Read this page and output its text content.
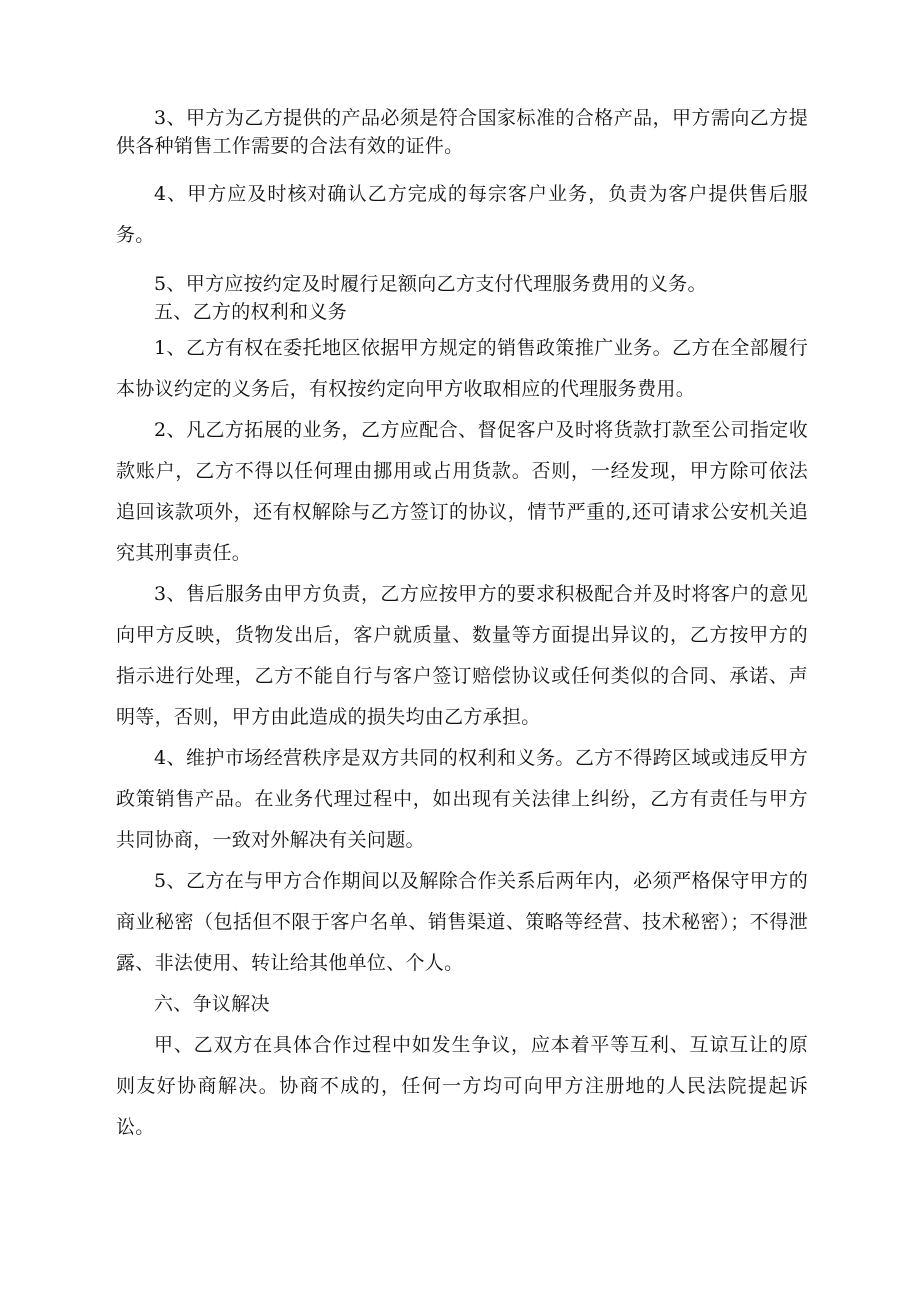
3、甲方为乙方提供的产品必须是符合国家标准的合格产品，甲方需向乙方提供各种销售工作需要的合法有效的证件。

4、甲方应及时核对确认乙方完成的每宗客户业务，负责为客户提供售后服务。

5、甲方应按约定及时履行足额向乙方支付代理服务费用的义务。

五、乙方的权利和义务

1、乙方有权在委托地区依据甲方规定的销售政策推广业务。乙方在全部履行本协议约定的义务后，有权按约定向甲方收取相应的代理服务费用。

2、凡乙方拓展的业务，乙方应配合、督促客户及时将货款打款至公司指定收款账户，乙方不得以任何理由挪用或占用货款。否则，一经发现，甲方除可依法追回该款项外，还有权解除与乙方签订的协议，情节严重的,还可请求公安机关追究其刑事责任。

3、售后服务由甲方负责，乙方应按甲方的要求积极配合并及时将客户的意见向甲方反映，货物发出后，客户就质量、数量等方面提出异议的，乙方按甲方的指示进行处理，乙方不能自行与客户签订赔偿协议或任何类似的合同、承诺、声明等，否则，甲方由此造成的损失均由乙方承担。

4、维护市场经营秩序是双方共同的权利和义务。乙方不得跨区域或违反甲方政策销售产品。在业务代理过程中，如出现有关法律上纠纷，乙方有责任与甲方共同协商，一致对外解决有关问题。

5、乙方在与甲方合作期间以及解除合作关系后两年内，必须严格保守甲方的商业秘密（包括但不限于客户名单、销售渠道、策略等经营、技术秘密）；不得泄露、非法使用、转让给其他单位、个人。

六、争议解决

甲、乙双方在具体合作过程中如发生争议，应本着平等互利、互谅互让的原则友好协商解决。协商不成的，任何一方均可向甲方注册地的人民法院提起诉讼。
